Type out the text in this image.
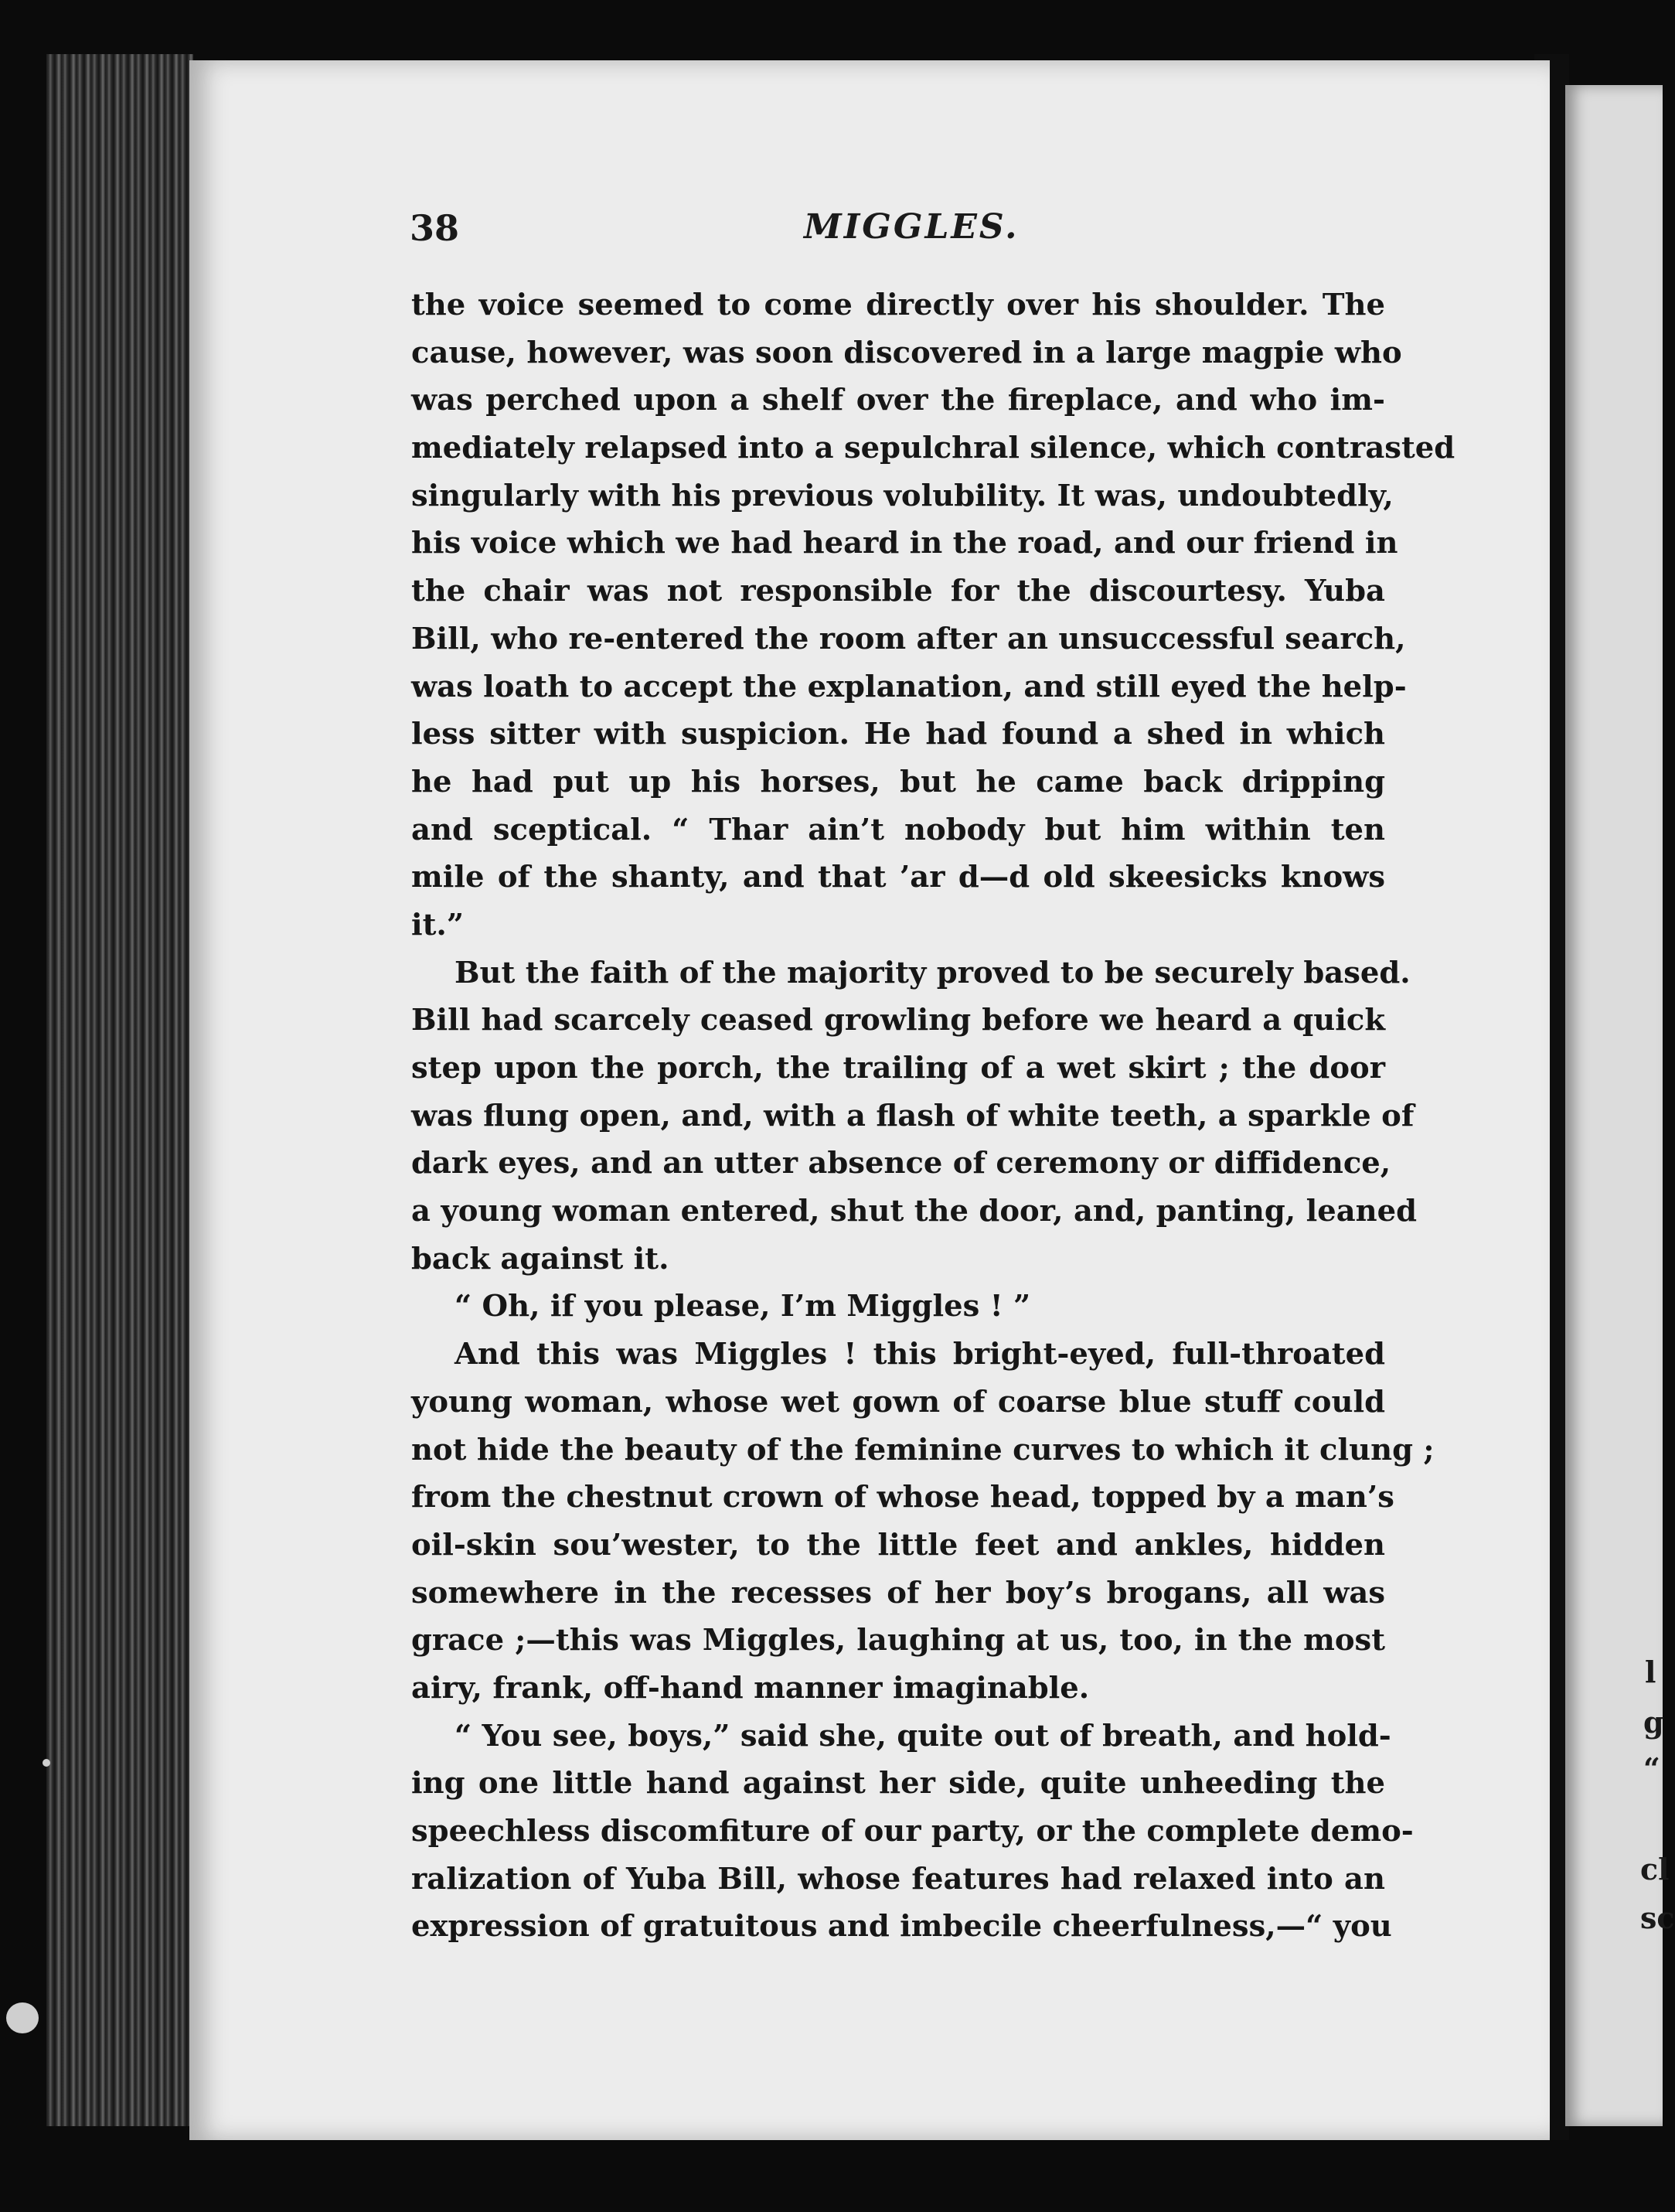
38	MIGGLES.
the voice seemed to come directly over his shoulder. The
cause, however, was soon discovered in a large magpie who
was perched upon a shelf over the fireplace, and who im-
mediately relapsed into a sepulchral silence, which contrasted
singularly with his previous volubility. It was, undoubtedly,
his voice which we had heard in the road, and our friend in
the chair was not responsible for the discourtesy. Yuba
Bill, who re-entered the room after an unsuccessful search,
was loath to accept the explanation, and still eyed the help-
less sitter with suspicion. He had found a shed in which
he had put up his horses, but he came back dripping
and sceptical. “ Thar ain’t nobody but him within ten
mile of the shanty, and that ’ar d—d old skeesicks knows
it.”
But the faith of the majority proved to be securely based.
Bill had scarcely ceased growling before we heard a quick
step upon the porch, the trailing of a wet skirt ; the door
was flung open, and, with a flash of white teeth, a sparkle of
dark eyes, and an utter absence of ceremony or diffidence,
a young woman entered, shut the door, and, panting, leaned
back against it.
“ Oh, if you please, I’m Miggles ! ”
And this was Miggles ! this bright-eyed, full-throated
young woman, whose wet gown of coarse blue stuff could
not hide the beauty of the feminine curves to which it clung ;
from the chestnut crown of whose head, topped by a man’s
oil-skin sou’wester, to the little feet and ankles, hidden
somewhere in the recesses of her boy’s brogans, all was
grace ;—this was Miggles, laughing at us, too, in the most
airy, frank, off-hand manner imaginable.
“ You see, boys,” said she, quite out of breath, and hold-
ing one little hand against her side, quite unheeding the
speechless discomfiture of our party, or the complete demo-
ralization of Yuba Bill, whose features had relaxed into an
expression of gratuitous and imbecile cheerfulness,—“ you
l
g
“
cl
sc
